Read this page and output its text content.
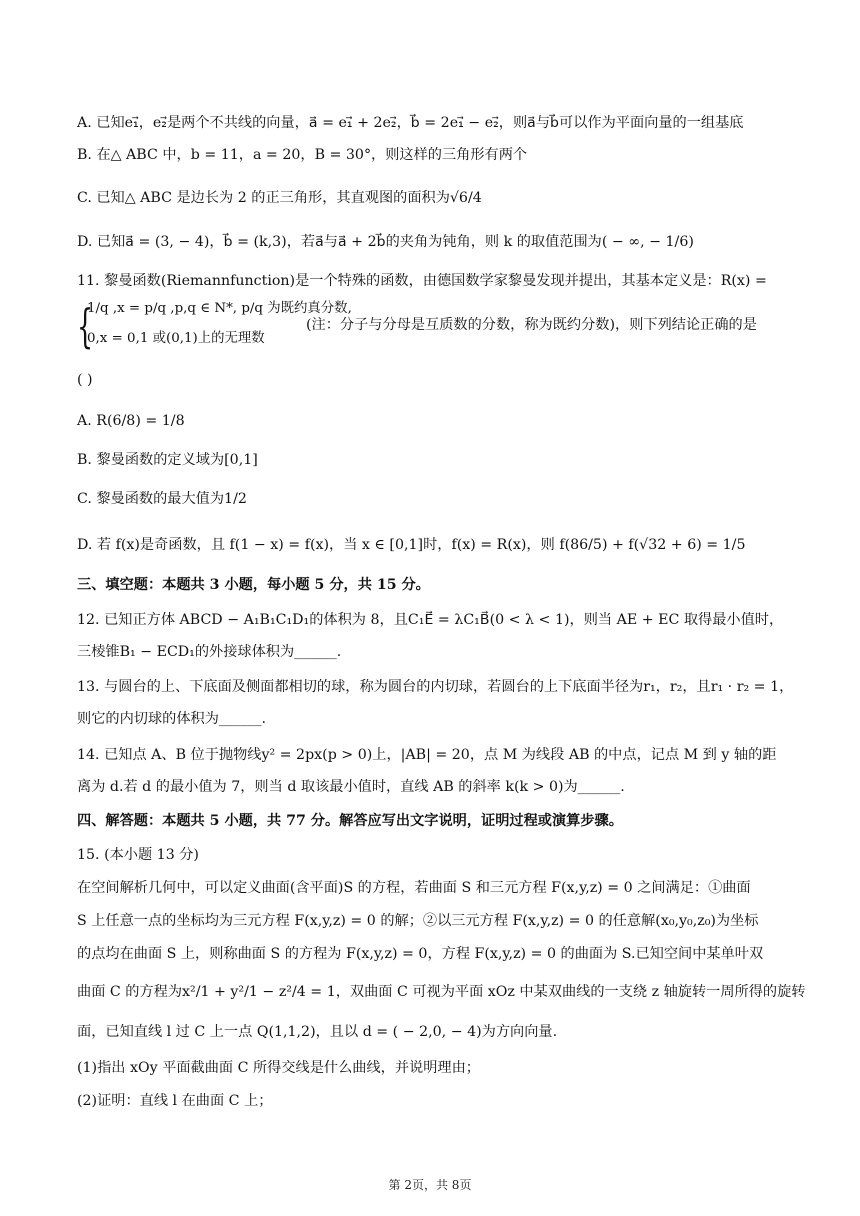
A. 已知e₁⃗，e₂⃗是两个不共线的向量，a⃗ = e₁⃗ + 2e₂⃗，b⃗ = 2e₁⃗ − e₂⃗，则a⃗与b⃗可以作为平面向量的一组基底
B. 在△ ABC 中，b = 11，a = 20，B = 30°，则这样的三角形有两个
C. 已知△ ABC 是边长为 2 的正三角形，其直观图的面积为√6/4
D. 已知a⃗ = (3, − 4)，b⃗ = (k,3)，若a⃗与a⃗ + 2b⃗的夹角为钝角，则 k 的取值范围为( − ∞, − 1/6)
11. 黎曼函数(Riemannfunction)是一个特殊的函数，由德国数学家黎曼发现并提出，其基本定义是：R(x) =
{
1/q ,x = p/q ,p,q ∈ N*, p/q 为既约真分数,
0,x = 0,1 或(0,1)上的无理数
(注：分子与分母是互质数的分数，称为既约分数)，则下列结论正确的是
( )
A. R(6/8) = 1/8
B. 黎曼函数的定义域为[0,1]
C. 黎曼函数的最大值为1/2
D. 若 f(x)是奇函数，且 f(1 − x) = f(x)，当 x ∈ [0,1]时，f(x) = R(x)，则 f(86/5) + f(√32 + 6) = 1/5
三、填空题：本题共 3 小题，每小题 5 分，共 15 分。
12. 已知正方体 ABCD − A₁B₁C₁D₁的体积为 8，且C₁E⃗ = λC₁B⃗(0 < λ < 1)，则当 AE + EC 取得最小值时，
三棱锥B₁ − ECD₁的外接球体积为______.
13. 与圆台的上、下底面及侧面都相切的球，称为圆台的内切球，若圆台的上下底面半径为r₁，r₂，且r₁ · r₂ = 1，
则它的内切球的体积为______.
14. 已知点 A、B 位于抛物线y² = 2px(p > 0)上，|AB| = 20，点 M 为线段 AB 的中点，记点 M 到 y 轴的距
离为 d.若 d 的最小值为 7，则当 d 取该最小值时，直线 AB 的斜率 k(k > 0)为______.
四、解答题：本题共 5 小题，共 77 分。解答应写出文字说明，证明过程或演算步骤。
15. (本小题 13 分)
在空间解析几何中，可以定义曲面(含平面)S 的方程，若曲面 S 和三元方程 F(x,y,z) = 0 之间满足：①曲面
S 上任意一点的坐标均为三元方程 F(x,y,z) = 0 的解；②以三元方程 F(x,y,z) = 0 的任意解(x₀,y₀,z₀)为坐标
的点均在曲面 S 上，则称曲面 S 的方程为 F(x,y,z) = 0，方程 F(x,y,z) = 0 的曲面为 S.已知空间中某单叶双
曲面 C 的方程为x²/1 + y²/1 − z²/4 = 1，双曲面 C 可视为平面 xOz 中某双曲线的一支绕 z 轴旋转一周所得的旋转
面，已知直线 l 过 C 上一点 Q(1,1,2)，且以 d = ( − 2,0, − 4)为方向向量.
(1)指出 xOy 平面截曲面 C 所得交线是什么曲线，并说明理由；
(2)证明：直线 l 在曲面 C 上；
第 2页，共 8页
